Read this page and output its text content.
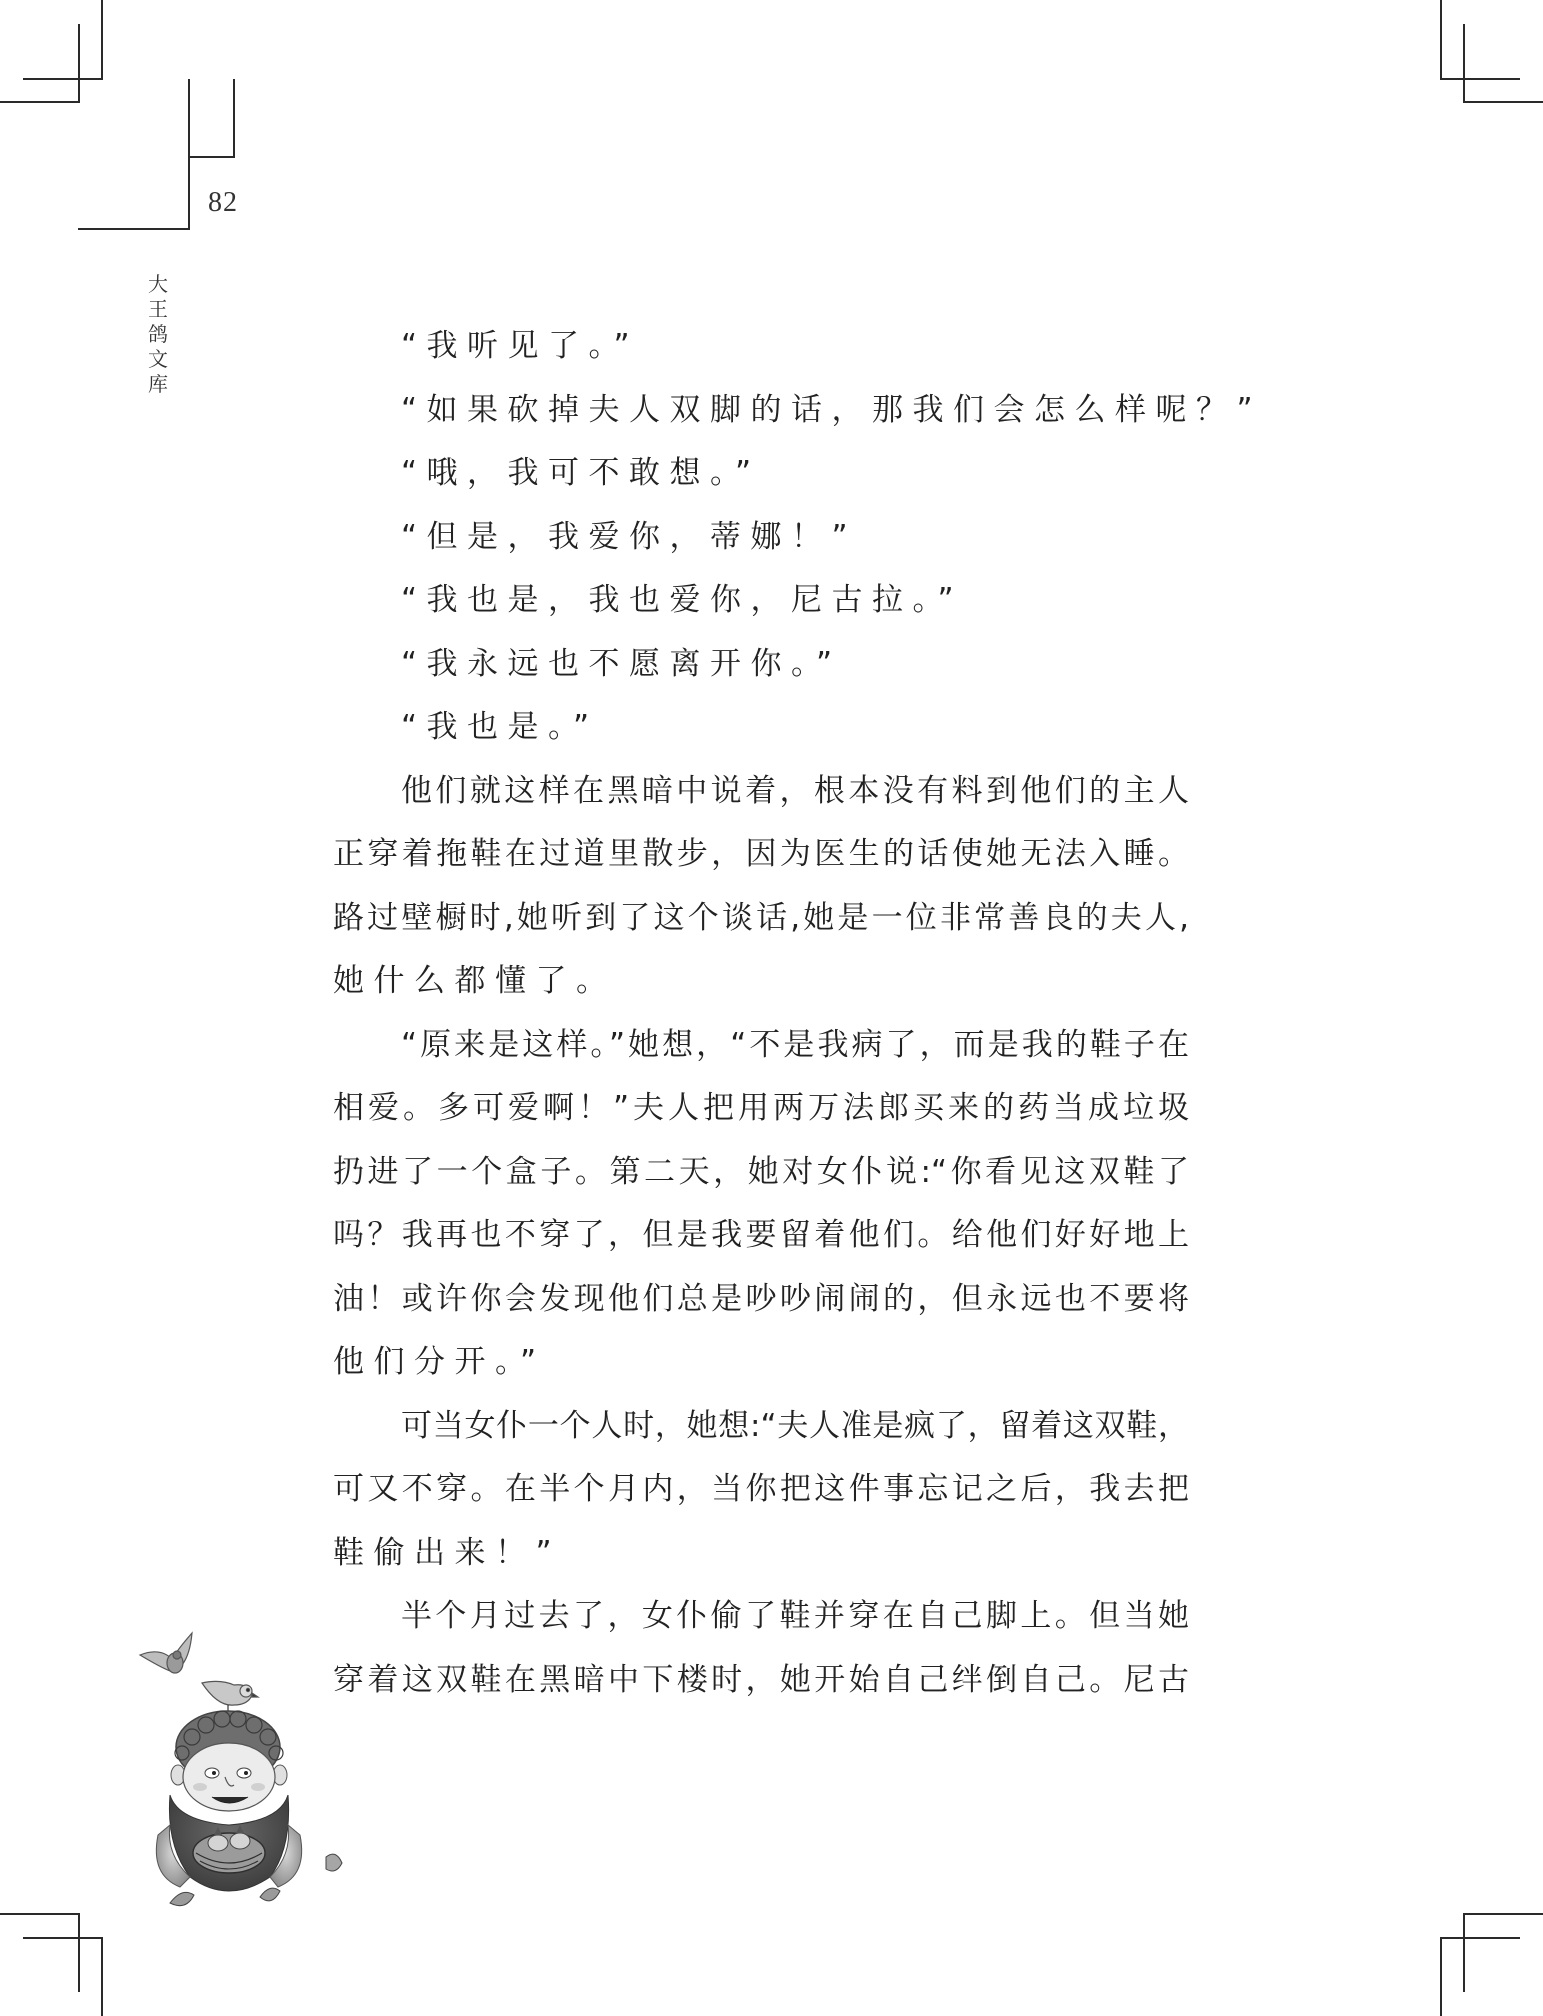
82
大
王
鸽
文
库
“我听见了。”
“如果砍掉夫人双脚的话，那我们会怎么样呢？”
“哦，我可不敢想。”
“但是，我爱你，蒂娜！”
“我也是，我也爱你，尼古拉。”
“我永远也不愿离开你。”
“我也是。”
他们就这样在黑暗中说着，根本没有料到他们的主人
正穿着拖鞋在过道里散步，因为医生的话使她无法入睡。
路过壁橱时,她听到了这个谈话,她是一位非常善良的夫人,
她什么都懂了。
“原来是这样。”她想，“不是我病了，而是我的鞋子在
相爱。多可爱啊！”夫人把用两万法郎买来的药当成垃圾
扔进了一个盒子。第二天，她对女仆说:“你看见这双鞋了
吗？我再也不穿了，但是我要留着他们。给他们好好地上
油！或许你会发现他们总是吵吵闹闹的，但永远也不要将
他们分开。”
可当女仆一个人时，她想:“夫人准是疯了，留着这双鞋，
可又不穿。在半个月内，当你把这件事忘记之后，我去把
鞋偷出来！”
半个月过去了，女仆偷了鞋并穿在自己脚上。但当她
穿着这双鞋在黑暗中下楼时，她开始自己绊倒自己。尼古
